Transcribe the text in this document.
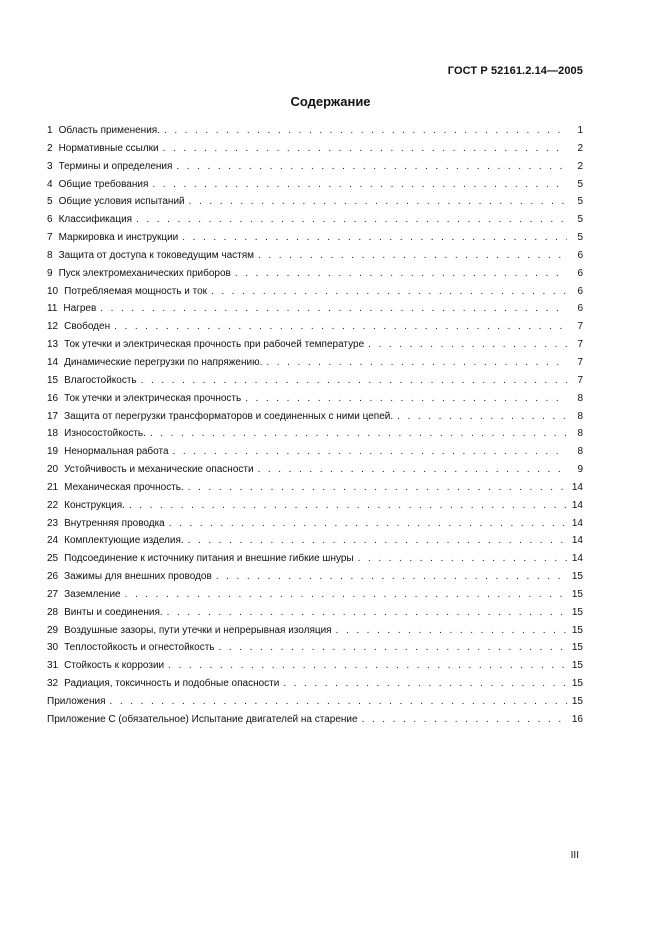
ГОСТ Р 52161.2.14—2005
Содержание
1 Область применения. . . .	1
2 Нормативные ссылки . . .	2
3 Термины и определения . . .	2
4 Общие требования . . .	5
5 Общие условия испытаний . . .	5
6 Классификация . . .	5
7 Маркировка и инструкции . . .	5
8 Защита от доступа к токоведущим частям . . .	6
9 Пуск электромеханических приборов . . .	6
10 Потребляемая мощность и ток . . .	6
11 Нагрев . . .	6
12 Свободен . . .	7
13 Ток утечки и электрическая прочность при рабочей температуре . . .	7
14 Динамические перегрузки по напряжению. . . .	7
15 Влагостойкость . . .	7
16 Ток утечки и электрическая прочность . . .	8
17 Защита от перегрузки трансформаторов и соединенных с ними цепей. . . .	8
18 Износостойкость. . . .	8
19 Ненормальная работа . . .	8
20 Устойчивость и механические опасности . . .	9
21 Механическая прочность. . . .	14
22 Конструкция. . . .	14
23 Внутренняя проводка . . .	14
24 Комплектующие изделия. . . .	14
25 Подсоединение к источнику питания и внешние гибкие шнуры . . .	14
26 Зажимы для внешних проводов . . .	15
27 Заземление . . .	15
28 Винты и соединения. . . .	15
29 Воздушные зазоры, пути утечки и непрерывная изоляция . . .	15
30 Теплостойкость и огнестойкость . . .	15
31 Стойкость к коррозии . . .	15
32 Радиация, токсичность и подобные опасности . . .	15
Приложения . . .	15
Приложение С (обязательное) Испытание двигателей на старение . . .	16
III
